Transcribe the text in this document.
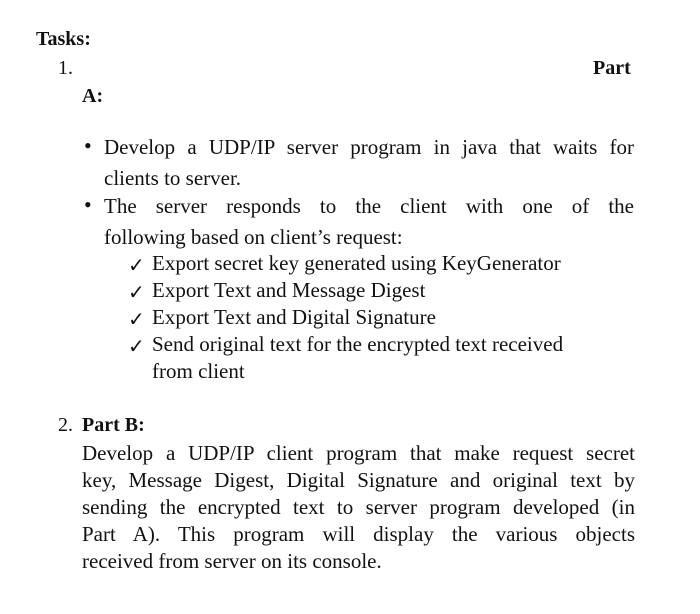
Tasks:
1.	Part
A:
• Develop a UDP/IP server program in java that waits for
clients to server.
• The server responds to the client with one of the
following based on client’s request:
✓ Export secret key generated using KeyGenerator
✓ Export Text and Message Digest
✓ Export Text and Digital Signature
✓ Send original text for the encrypted text received
from client
2. Part B:
Develop a UDP/IP client program that make request secret
key, Message Digest, Digital Signature and original text by
sending the encrypted text to server program developed (in
Part A). This program will display the various objects
received from server on its console.
